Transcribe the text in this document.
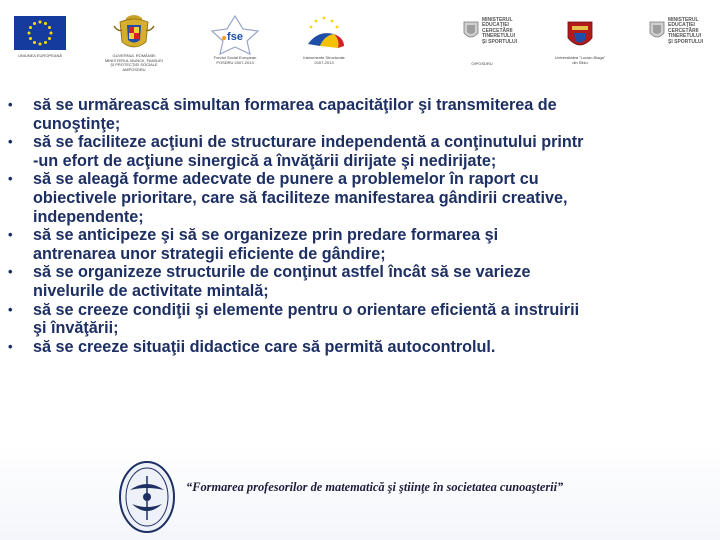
UNIUNEA EUROPEANĂ	GUVERNUL ROMÂNIEI
MINISTERUL MUNCII, FAMILIEI
ŞI PROTECŢIEI SOCIALE
AMPOSDRU
fse
Fondul Social European
POSDRU 2007-2013
Instrumente Structurale
2007-2013
MINISTERUL
EDUCAŢIEI
CERCETĂRII
TINERETULUI
ŞI SPORTULUI
OIPOSDRU
Universitatea "Lucian Blaga"
din Sibiu
MINISTERUL
EDUCAŢIEI
CERCETĂRII
TINERETULUI
ŞI SPORTULUI
• să se urmărească simultan formarea capacităţilor şi transmiterea de
cunoştinţe;
• să se faciliteze acţiuni de structurare independentă a conţinutului printr
-un efort de acţiune sinergică a învăţării dirijate şi nedirijate;
• să se aleagă forme adecvate de punere a problemelor în raport cu
obiectivele prioritare, care să faciliteze manifestarea gândirii creative,
independente;
• să se anticipeze şi să se organizeze prin predare formarea şi
antrenarea unor strategii eficiente de gândire;
• să se organizeze structurile de conţinut astfel încât să se varieze
nivelurile de activitate mintală;
• să se creeze condiţii şi elemente pentru o orientare eficientă a instruirii
şi învăţării;
• să se creeze situaţii didactice care să permită autocontrolul.
“Formarea profesorilor de matematică şi ştiinţe în societatea cunoaşterii”
